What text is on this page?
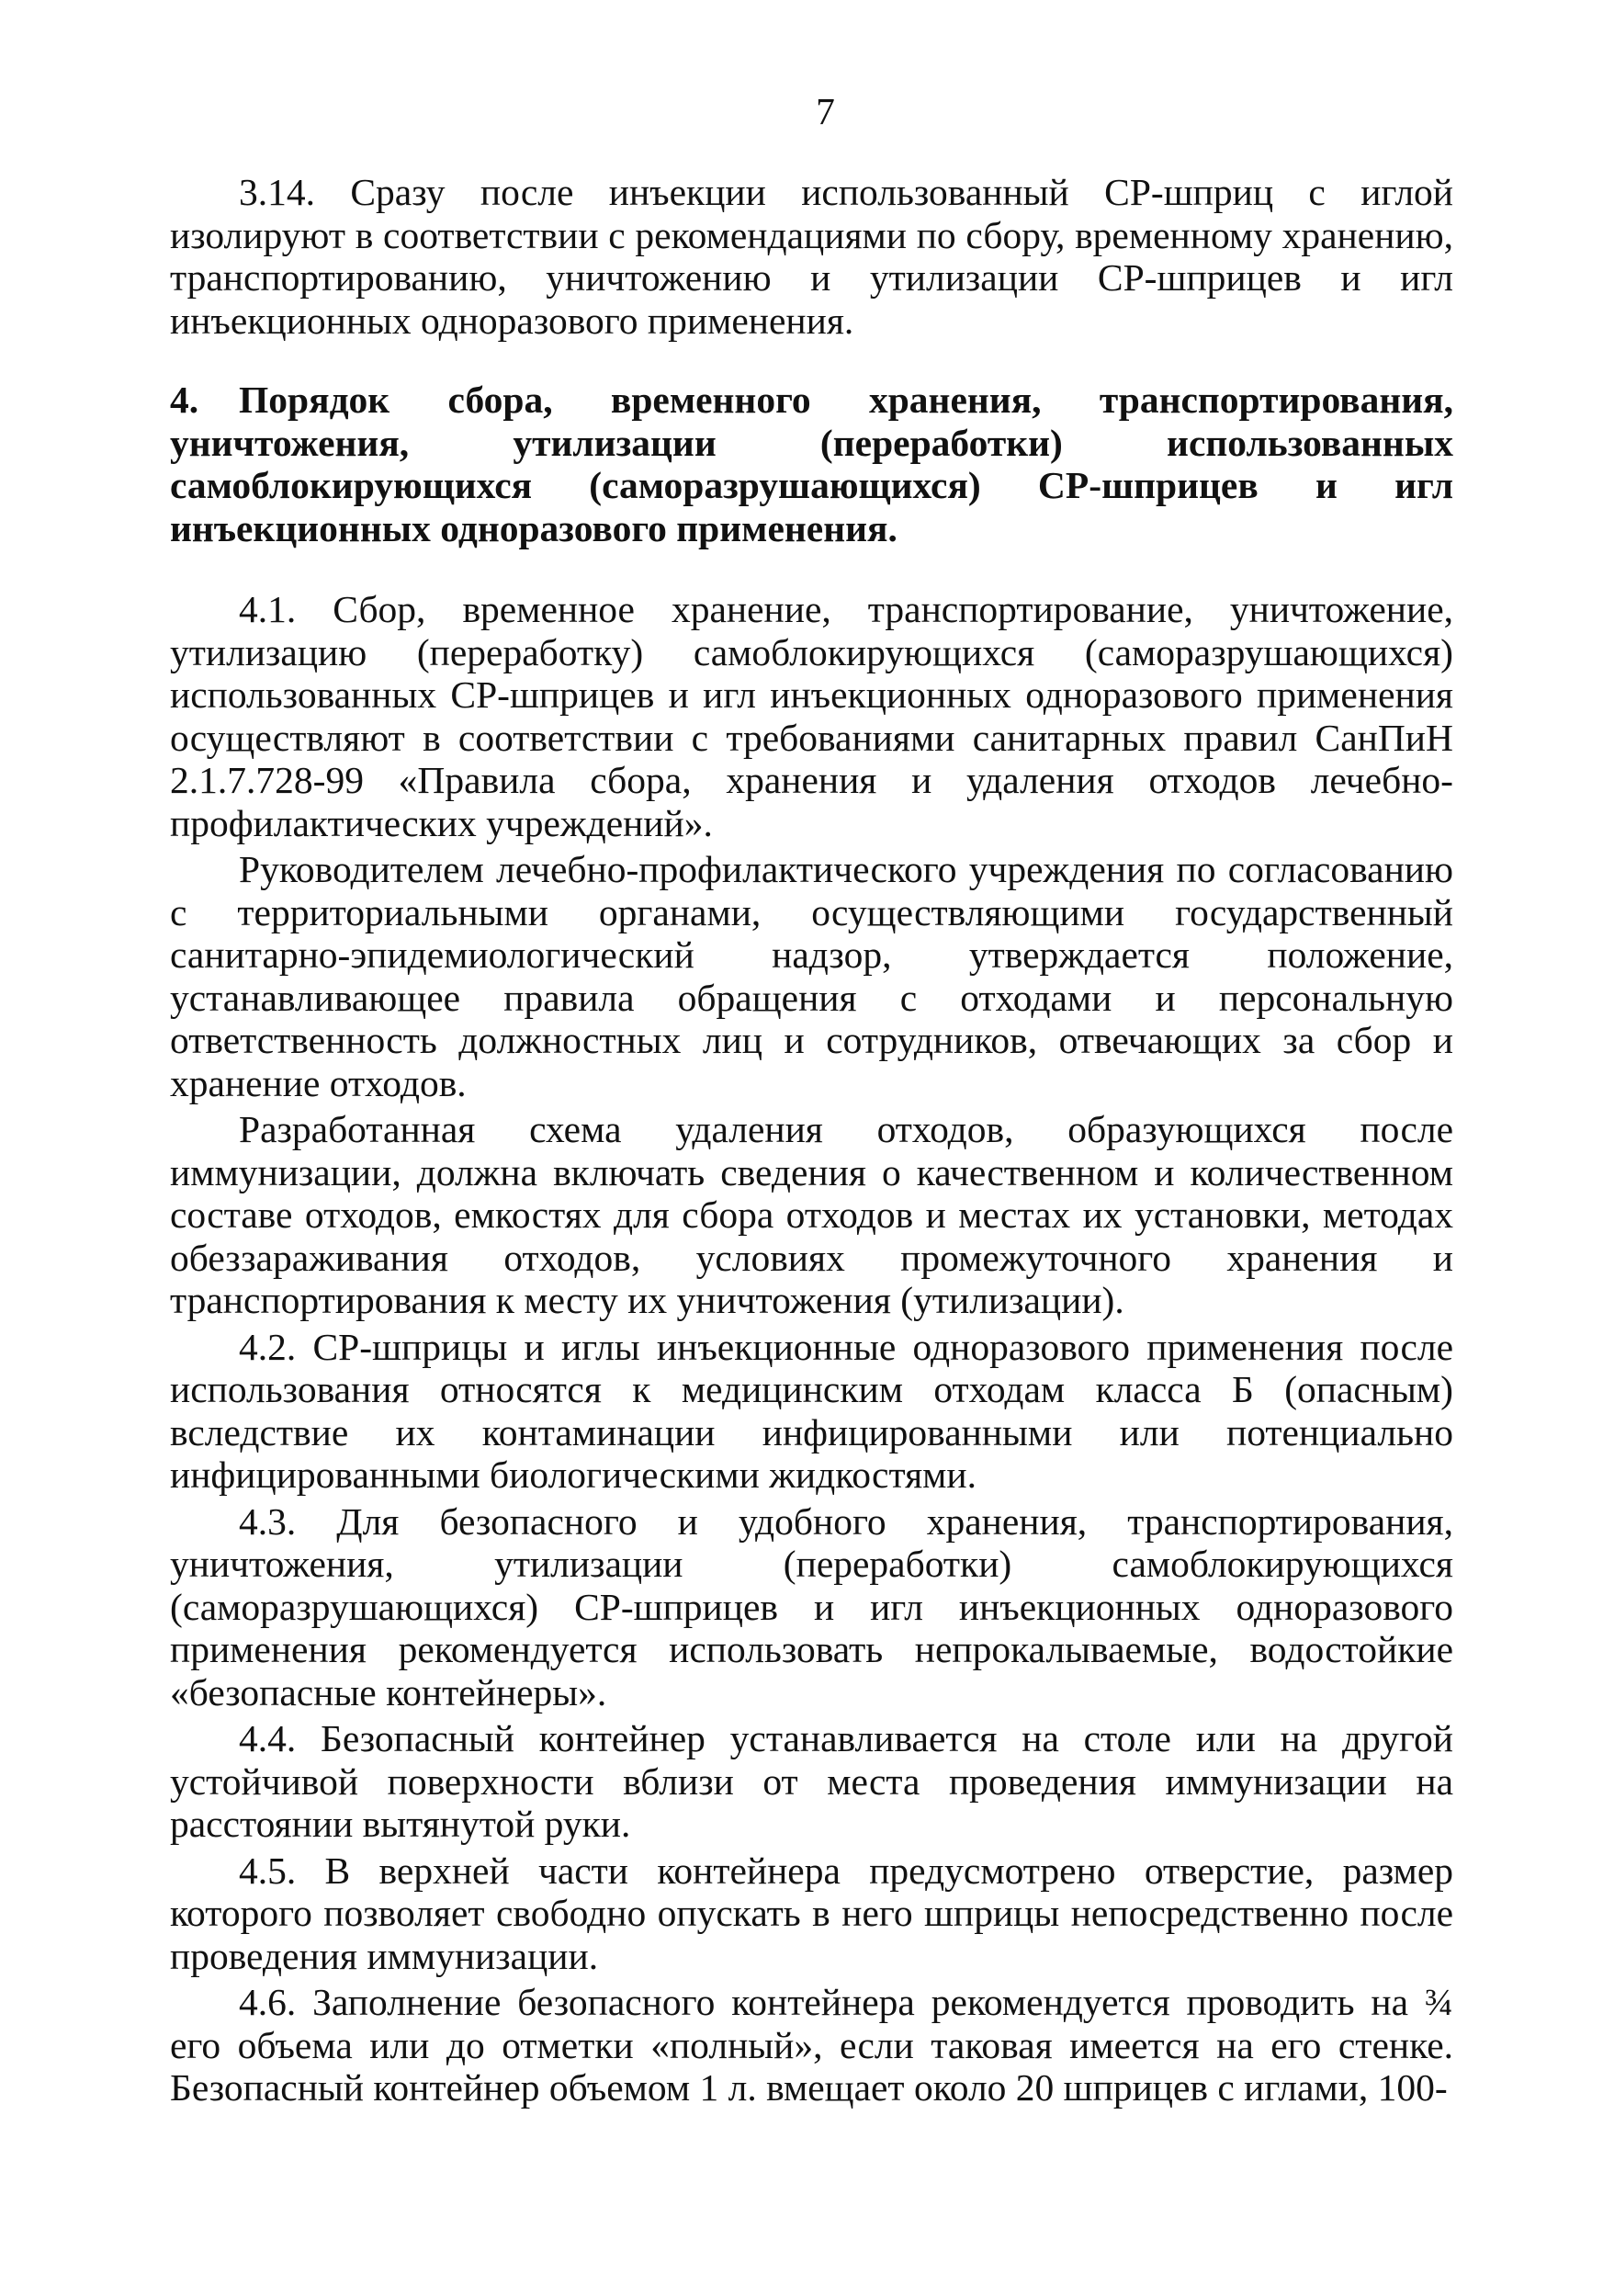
7

3.14. Сразу после инъекции использованный СР-шприц с иглой изолируют в соответствии с рекомендациями по сбору, временному хранению, транспортированию, уничтожению и утилизации СР-шприцев и игл инъекционных одноразового применения.

4. Порядок сбора, временного хранения, транспортирования, уничтожения, утилизации (переработки) использованных самоблокирующихся (саморазрушающихся) СР-шприцев и игл инъекционных одноразового применения.

4.1. Сбор, временное хранение, транспортирование, уничтожение, утилизацию (переработку) самоблокирующихся (саморазрушающихся) использованных СР-шприцев и игл инъекционных одноразового применения осуществляют в соответствии с требованиями санитарных правил СанПиН 2.1.7.728-99 «Правила сбора, хранения и удаления отходов лечебно-профилактических учреждений».

Руководителем лечебно-профилактического учреждения по согласованию с территориальными органами, осуществляющими государственный санитарно-эпидемиологический надзор, утверждается положение, устанавливающее правила обращения с отходами и персональную ответственность должностных лиц и сотрудников, отвечающих за сбор и хранение отходов.

Разработанная схема удаления отходов, образующихся после иммунизации, должна включать сведения о качественном и количественном составе отходов, емкостях для сбора отходов и местах их установки, методах обеззараживания отходов, условиях промежуточного хранения и транспортирования к месту их уничтожения (утилизации).

4.2. СР-шприцы и иглы инъекционные одноразового применения после использования относятся к медицинским отходам класса Б (опасным) вследствие их контаминации инфицированными или потенциально инфицированными биологическими жидкостями.

4.3. Для безопасного и удобного хранения, транспортирования, уничтожения, утилизации (переработки) самоблокирующихся (саморазрушающихся) СР-шприцев и игл инъекционных одноразового применения рекомендуется использовать непрокалываемые, водостойкие «безопасные контейнеры».

4.4. Безопасный контейнер устанавливается на столе или на другой устойчивой поверхности вблизи от места проведения иммунизации на расстоянии вытянутой руки.

4.5. В верхней части контейнера предусмотрено отверстие, размер которого позволяет свободно опускать в него шприцы непосредственно после проведения иммунизации.

4.6. Заполнение безопасного контейнера рекомендуется проводить на ¾ его объема или до отметки «полный», если таковая имеется на его стенке. Безопасный контейнер объемом 1 л. вмещает около 20 шприцев с иглами, 100-
